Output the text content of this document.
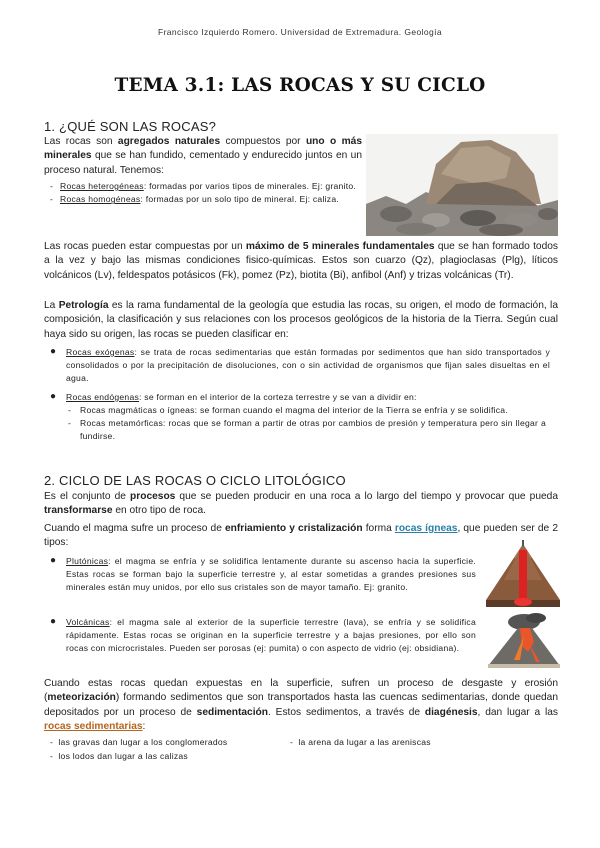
Francisco Izquierdo Romero. Universidad de Extremadura. Geología
TEMA 3.1: LAS ROCAS Y SU CICLO
1. ¿QUÉ SON LAS ROCAS?
Las rocas son agregados naturales compuestos por uno o más minerales que se han fundido, cementado y endurecido juntos en un proceso natural. Tenemos:
- Rocas heterogéneas: formadas por varios tipos de minerales. Ej: granito.
- Rocas homogéneas: formadas por un solo tipo de mineral. Ej: caliza.
Las rocas pueden estar compuestas por un máximo de 5 minerales fundamentales que se han formado todos a la vez y bajo las mismas condiciones fisico-químicas. Estos son cuarzo (Qz), plagioclasas (Plg), líticos volcánicos (Lv), feldespatos potásicos (Fk), pomez (Pz), biotita (Bi), anfibol (Anf) y trizas volcánicas (Tr).
La Petrología es la rama fundamental de la geología que estudia las rocas, su origen, el modo de formación, la composición, la clasificación y sus relaciones con los procesos geológicos de la historia de la Tierra. Según cual haya sido su origen, las rocas se pueden clasificar en:
● Rocas exógenas: se trata de rocas sedimentarias que están formadas por sedimentos que han sido transportados y consolidados o por la precipitación de disoluciones, con o sin actividad de organismos que fijan sales disueltas en el agua.
● Rocas endógenas: se forman en el interior de la corteza terrestre y se van a dividir en:
- Rocas magmáticas o ígneas: se forman cuando el magma del interior de la Tierra se enfría y se solidifica.
- Rocas metamórficas: rocas que se forman a partir de otras por cambios de presión y temperatura pero sin llegar a fundirse.
2. CICLO DE LAS ROCAS O CICLO LITOLÓGICO
Es el conjunto de procesos que se pueden producir en una roca a lo largo del tiempo y provocar que pueda transformarse en otro tipo de roca.
Cuando el magma sufre un proceso de enfriamiento y cristalización forma rocas ígneas, que pueden ser de 2 tipos:
● Plutónicas: el magma se enfría y se solidifica lentamente durante su ascenso hacia la superficie. Estas rocas se forman bajo la superficie terrestre y, al estar sometidas a grandes presiones sus minerales están muy unidos, por ello sus cristales son de mayor tamaño. Ej: granito.
● Volcánicas: el magma sale al exterior de la superficie terrestre (lava), se enfría y se solidifica rápidamente. Estas rocas se originan en la superficie terrestre y a bajas presiones, por ello son rocas con microcristales. Pueden ser porosas (ej: pumita) o con aspecto de vidrio (ej: obsidiana).
Cuando estas rocas quedan expuestas en la superficie, sufren un proceso de desgaste y erosión (meteorización) formando sedimentos que son transportados hasta las cuencas sedimentarias, donde quedan depositados por un proceso de sedimentación. Estos sedimentos, a través de diagénesis, dan lugar a las rocas sedimentarias:
-  las gravas dan lugar a los conglomerados	-  la arena da lugar a las areniscas
-  los lodos dan lugar a las calizas
